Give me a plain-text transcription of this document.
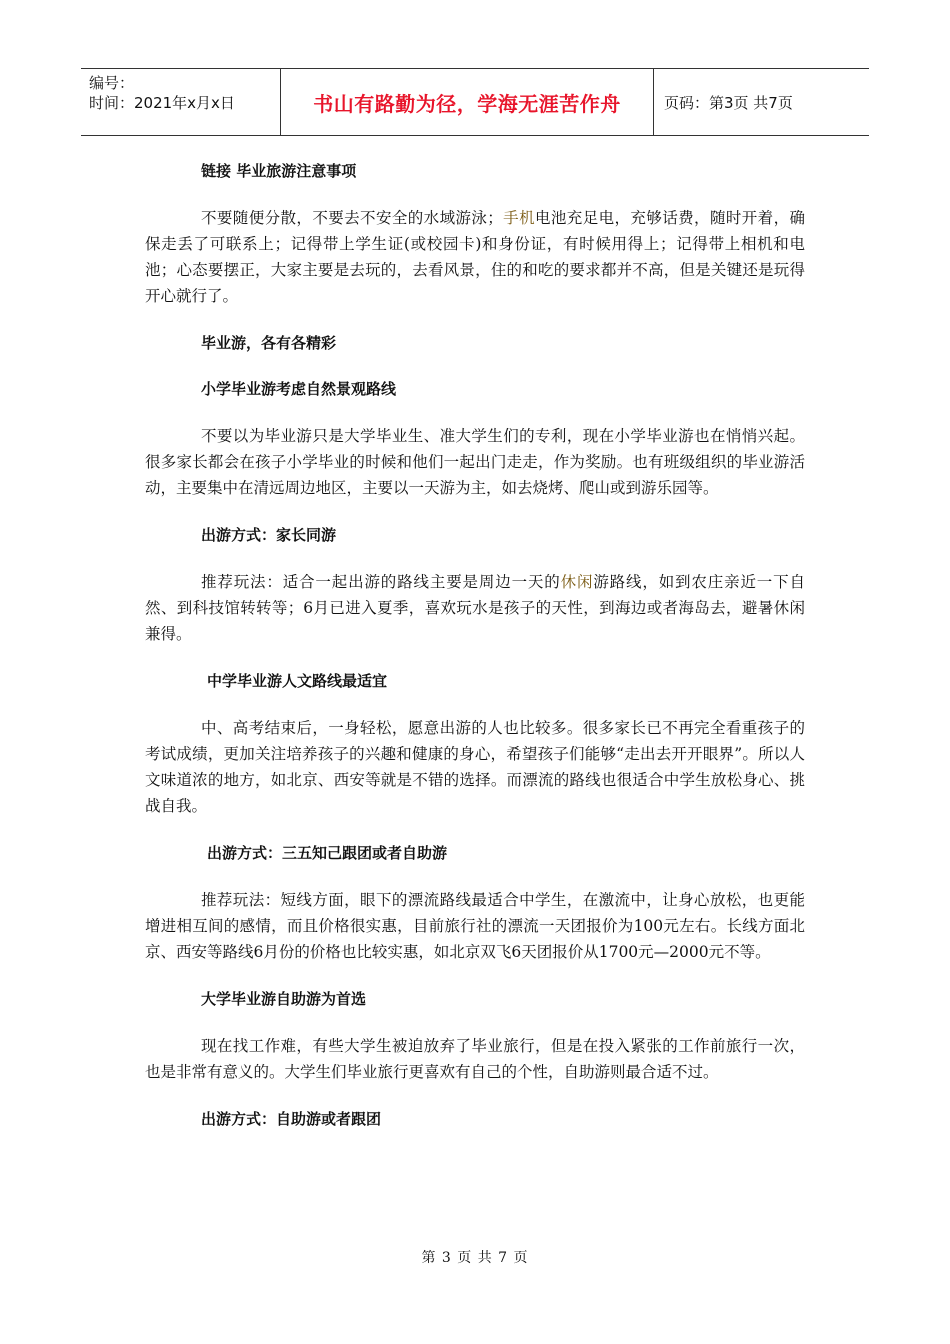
编号：
时间：2021年x月x日	书山有路勤为径，学海无涯苦作舟	页码：第3页 共7页

链接 毕业旅游注意事项

不要随便分散，不要去不安全的水域游泳；手机电池充足电，充够话费，随时开着，确保走丢了可联系上；记得带上学生证(或校园卡)和身份证，有时候用得上；记得带上相机和电池；心态要摆正，大家主要是去玩的，去看风景，住的和吃的要求都并不高，但是关键还是玩得开心就行了。

毕业游，各有各精彩

小学毕业游考虑自然景观路线

不要以为毕业游只是大学毕业生、准大学生们的专利，现在小学毕业游也在悄悄兴起。很多家长都会在孩子小学毕业的时候和他们一起出门走走，作为奖励。也有班级组织的毕业游活动，主要集中在清远周边地区，主要以一天游为主，如去烧烤、爬山或到游乐园等。

出游方式：家长同游

推荐玩法：适合一起出游的路线主要是周边一天的休闲游路线，如到农庄亲近一下自然、到科技馆转转等；6月已进入夏季，喜欢玩水是孩子的天性，到海边或者海岛去，避暑休闲兼得。

中学毕业游人文路线最适宜

中、高考结束后，一身轻松，愿意出游的人也比较多。很多家长已不再完全看重孩子的考试成绩，更加关注培养孩子的兴趣和健康的身心，希望孩子们能够“走出去开开眼界”。所以人文味道浓的地方，如北京、西安等就是不错的选择。而漂流的路线也很适合中学生放松身心、挑战自我。

出游方式：三五知己跟团或者自助游

推荐玩法：短线方面，眼下的漂流路线最适合中学生，在激流中，让身心放松，也更能增进相互间的感情，而且价格很实惠，目前旅行社的漂流一天团报价为100元左右。长线方面北京、西安等路线6月份的价格也比较实惠，如北京双飞6天团报价从1700元—2000元不等。

大学毕业游自助游为首选

现在找工作难，有些大学生被迫放弃了毕业旅行，但是在投入紧张的工作前旅行一次，也是非常有意义的。大学生们毕业旅行更喜欢有自己的个性，自助游则最合适不过。

出游方式：自助游或者跟团

第 3 页 共 7 页
